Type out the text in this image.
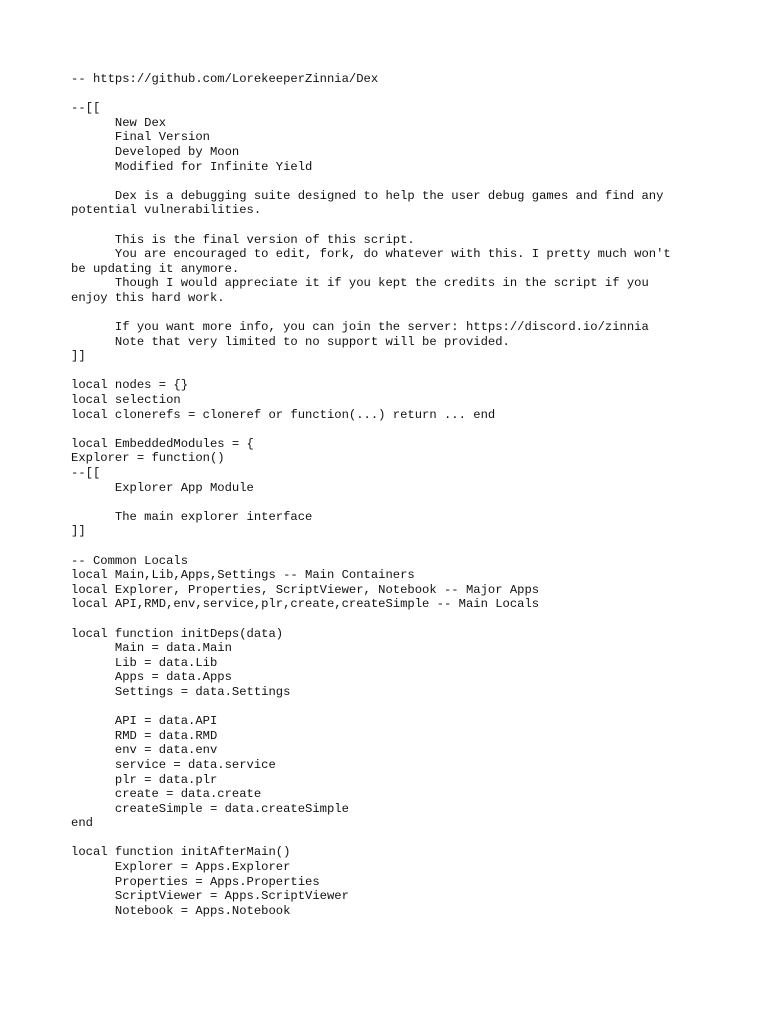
-- https://github.com/LorekeeperZinnia/Dex
--[[
New Dex
Final Version
Developed by Moon
Modified for Infinite Yield
Dex is a debugging suite designed to help the user debug games and find any
potential vulnerabilities.
This is the final version of this script.
You are encouraged to edit, fork, do whatever with this. I pretty much won't
be updating it anymore.
Though I would appreciate it if you kept the credits in the script if you
enjoy this hard work.
If you want more info, you can join the server: https://discord.io/zinnia
Note that very limited to no support will be provided.
]]
local nodes = {}
local selection
local clonerefs = cloneref or function(...) return ... end
local EmbeddedModules = {
Explorer = function()
--[[
Explorer App Module
The main explorer interface
]]
-- Common Locals
local Main,Lib,Apps,Settings -- Main Containers
local Explorer, Properties, ScriptViewer, Notebook -- Major Apps
local API,RMD,env,service,plr,create,createSimple -- Main Locals
local function initDeps(data)
Main = data.Main
Lib = data.Lib
Apps = data.Apps
Settings = data.Settings
API = data.API
RMD = data.RMD
env = data.env
service = data.service
plr = data.plr
create = data.create
createSimple = data.createSimple
end
local function initAfterMain()
Explorer = Apps.Explorer
Properties = Apps.Properties
ScriptViewer = Apps.ScriptViewer
Notebook = Apps.Notebook
